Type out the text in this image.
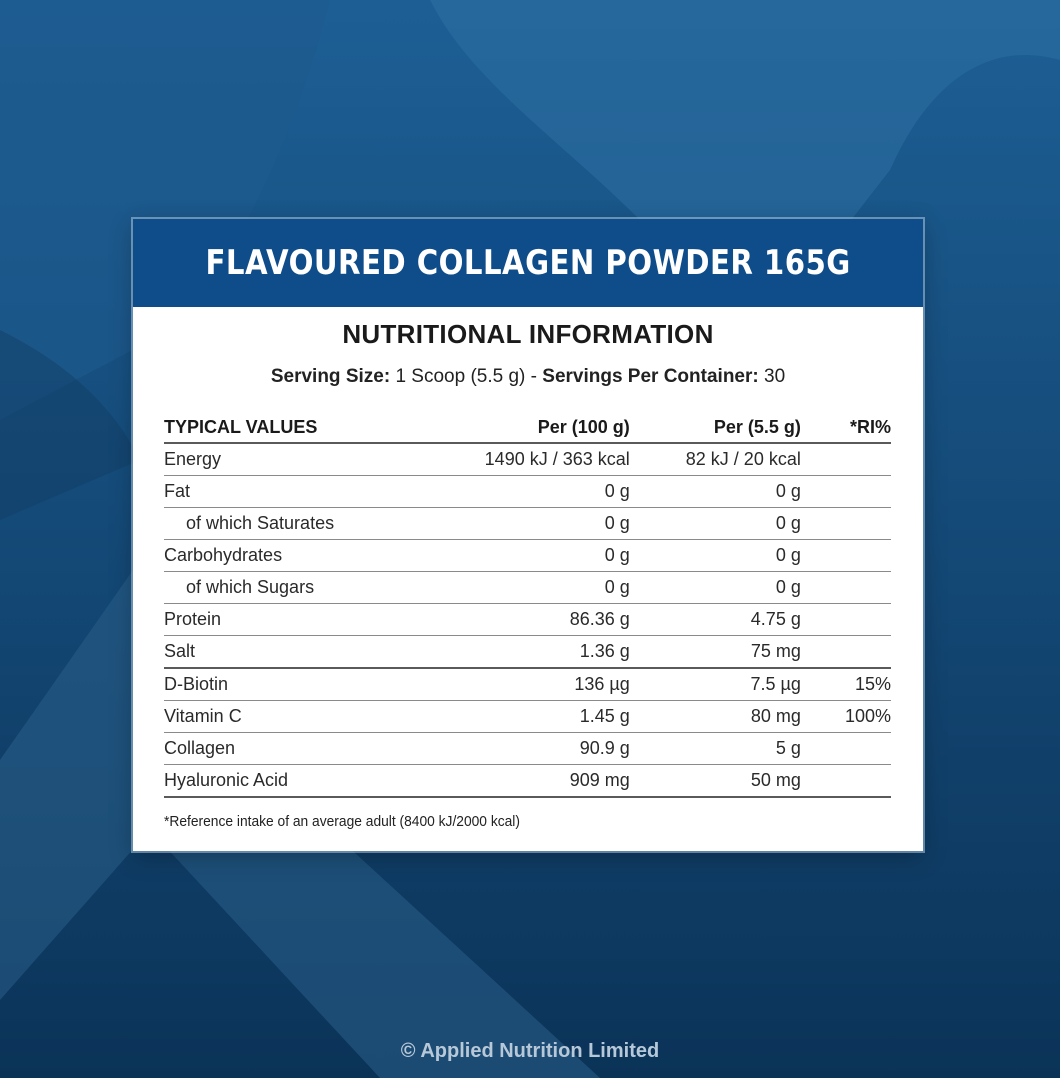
FLAVOURED COLLAGEN POWDER 165G
NUTRITIONAL INFORMATION
Serving Size: 1 Scoop (5.5 g) - Servings Per Container: 30
TYPICAL VALUES	Per (100 g)	Per (5.5 g)	*RI%
Energy	1490 kJ / 363 kcal	82 kJ / 20 kcal	
Fat	0 g	0 g	
of which Saturates	0 g	0 g	
Carbohydrates	0 g	0 g	
of which Sugars	0 g	0 g	
Protein	86.36 g	4.75 g	
Salt	1.36 g	75 mg	
D-Biotin	136 µg	7.5 µg	15%
Vitamin C	1.45 g	80 mg	100%
Collagen	90.9 g	5 g	
Hyaluronic Acid	909 mg	50 mg	
*Reference intake of an average adult (8400 kJ/2000 kcal)
© Applied Nutrition Limited
